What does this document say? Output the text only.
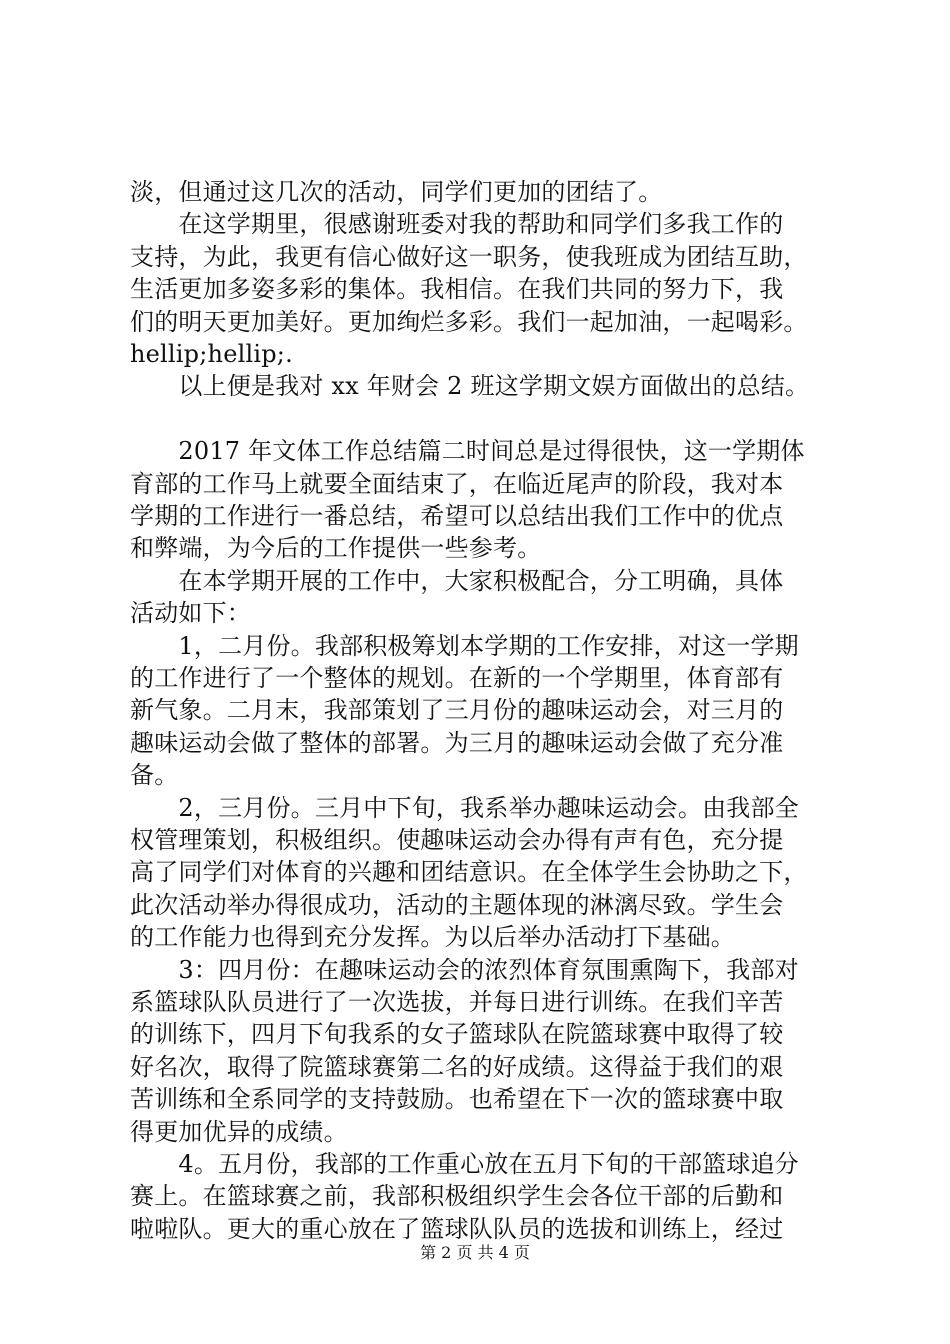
淡，但通过这几次的活动，同学们更加的团结了。
　　在这学期里，很感谢班委对我的帮助和同学们多我工作的
支持，为此，我更有信心做好这一职务，使我班成为团结互助，
生活更加多姿多彩的集体。我相信。在我们共同的努力下，我
们的明天更加美好。更加绚烂多彩。我们一起加油，一起喝彩。
hellip;hellip;.
　　以上便是我对 xx 年财会 2 班这学期文娱方面做出的总结。
　　2017 年文体工作总结篇二时间总是过得很快，这一学期体
育部的工作马上就要全面结束了，在临近尾声的阶段，我对本
学期的工作进行一番总结，希望可以总结出我们工作中的优点
和弊端，为今后的工作提供一些参考。
　　在本学期开展的工作中，大家积极配合，分工明确，具体
活动如下：
　　1，二月份。我部积极筹划本学期的工作安排，对这一学期
的工作进行了一个整体的规划。在新的一个学期里，体育部有
新气象。二月末，我部策划了三月份的趣味运动会，对三月的
趣味运动会做了整体的部署。为三月的趣味运动会做了充分准
备。
　　2，三月份。三月中下旬，我系举办趣味运动会。由我部全
权管理策划，积极组织。使趣味运动会办得有声有色，充分提
高了同学们对体育的兴趣和团结意识。在全体学生会协助之下，
此次活动举办得很成功，活动的主题体现的淋漓尽致。学生会
的工作能力也得到充分发挥。为以后举办活动打下基础。
　　3：四月份：在趣味运动会的浓烈体育氛围熏陶下，我部对
系篮球队队员进行了一次选拔，并每日进行训练。在我们辛苦
的训练下，四月下旬我系的女子篮球队在院篮球赛中取得了较
好名次，取得了院篮球赛第二名的好成绩。这得益于我们的艰
苦训练和全系同学的支持鼓励。也希望在下一次的篮球赛中取
得更加优异的成绩。
　　4。五月份，我部的工作重心放在五月下旬的干部篮球追分
赛上。在篮球赛之前，我部积极组织学生会各位干部的后勤和
啦啦队。更大的重心放在了篮球队队员的选拔和训练上，经过
第 2 页 共 4 页
